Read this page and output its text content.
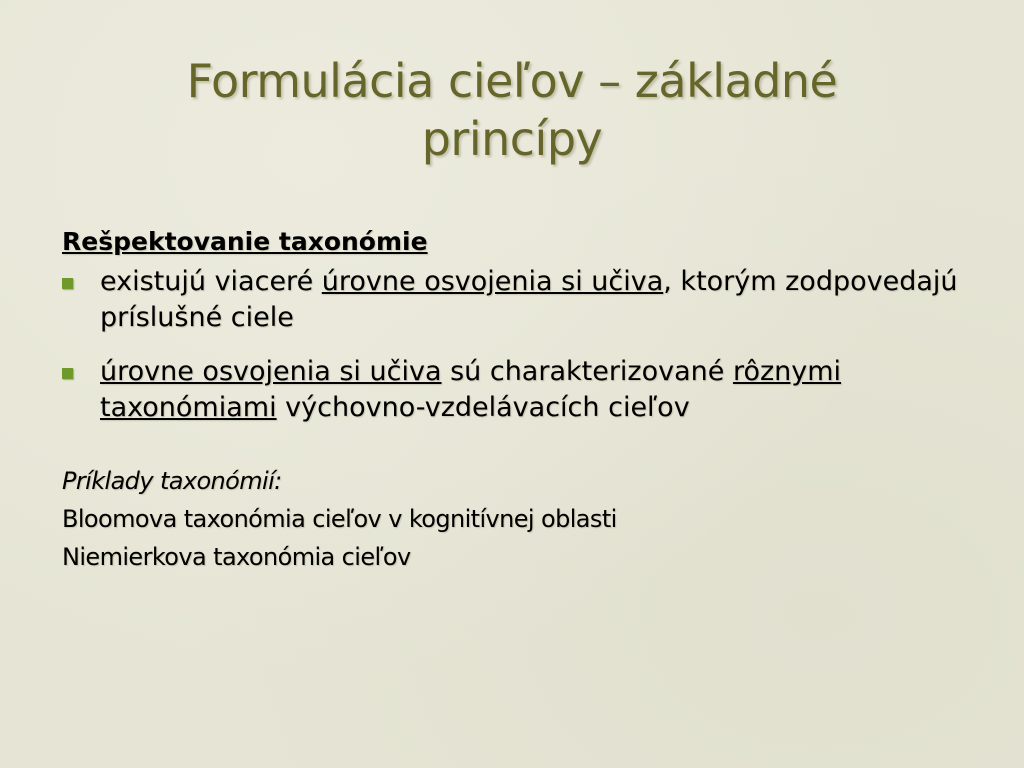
Formulácia cieľov – základné
princípy
Rešpektovanie taxonómie
existujú viaceré úrovne osvojenia si učiva, ktorým zodpovedajú príslušné ciele
úrovne osvojenia si učiva sú charakterizované rôznymi taxonómiami výchovno-vzdelávacích cieľov
Príklady taxonómií:
Bloomova taxonómia cieľov v kognitívnej oblasti
Niemierkova taxonómia cieľov
